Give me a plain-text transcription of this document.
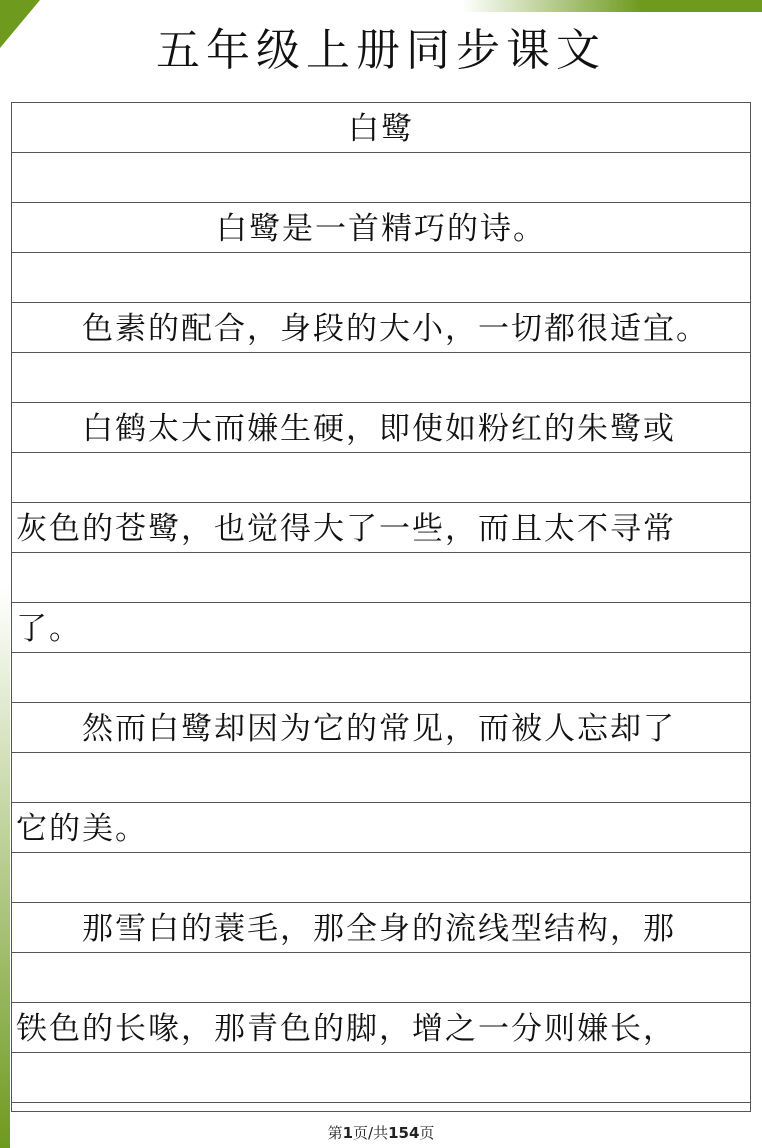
五年级上册同步课文
白鹭
白鹭是一首精巧的诗。
色素的配合，身段的大小，一切都很适宜。
白鹤太大而嫌生硬，即使如粉红的朱鹭或
灰色的苍鹭，也觉得大了一些，而且太不寻常
了。
然而白鹭却因为它的常见，而被人忘却了
它的美。
那雪白的蓑毛，那全身的流线型结构，那
铁色的长喙，那青色的脚，增之一分则嫌长，
第1页/共154页
